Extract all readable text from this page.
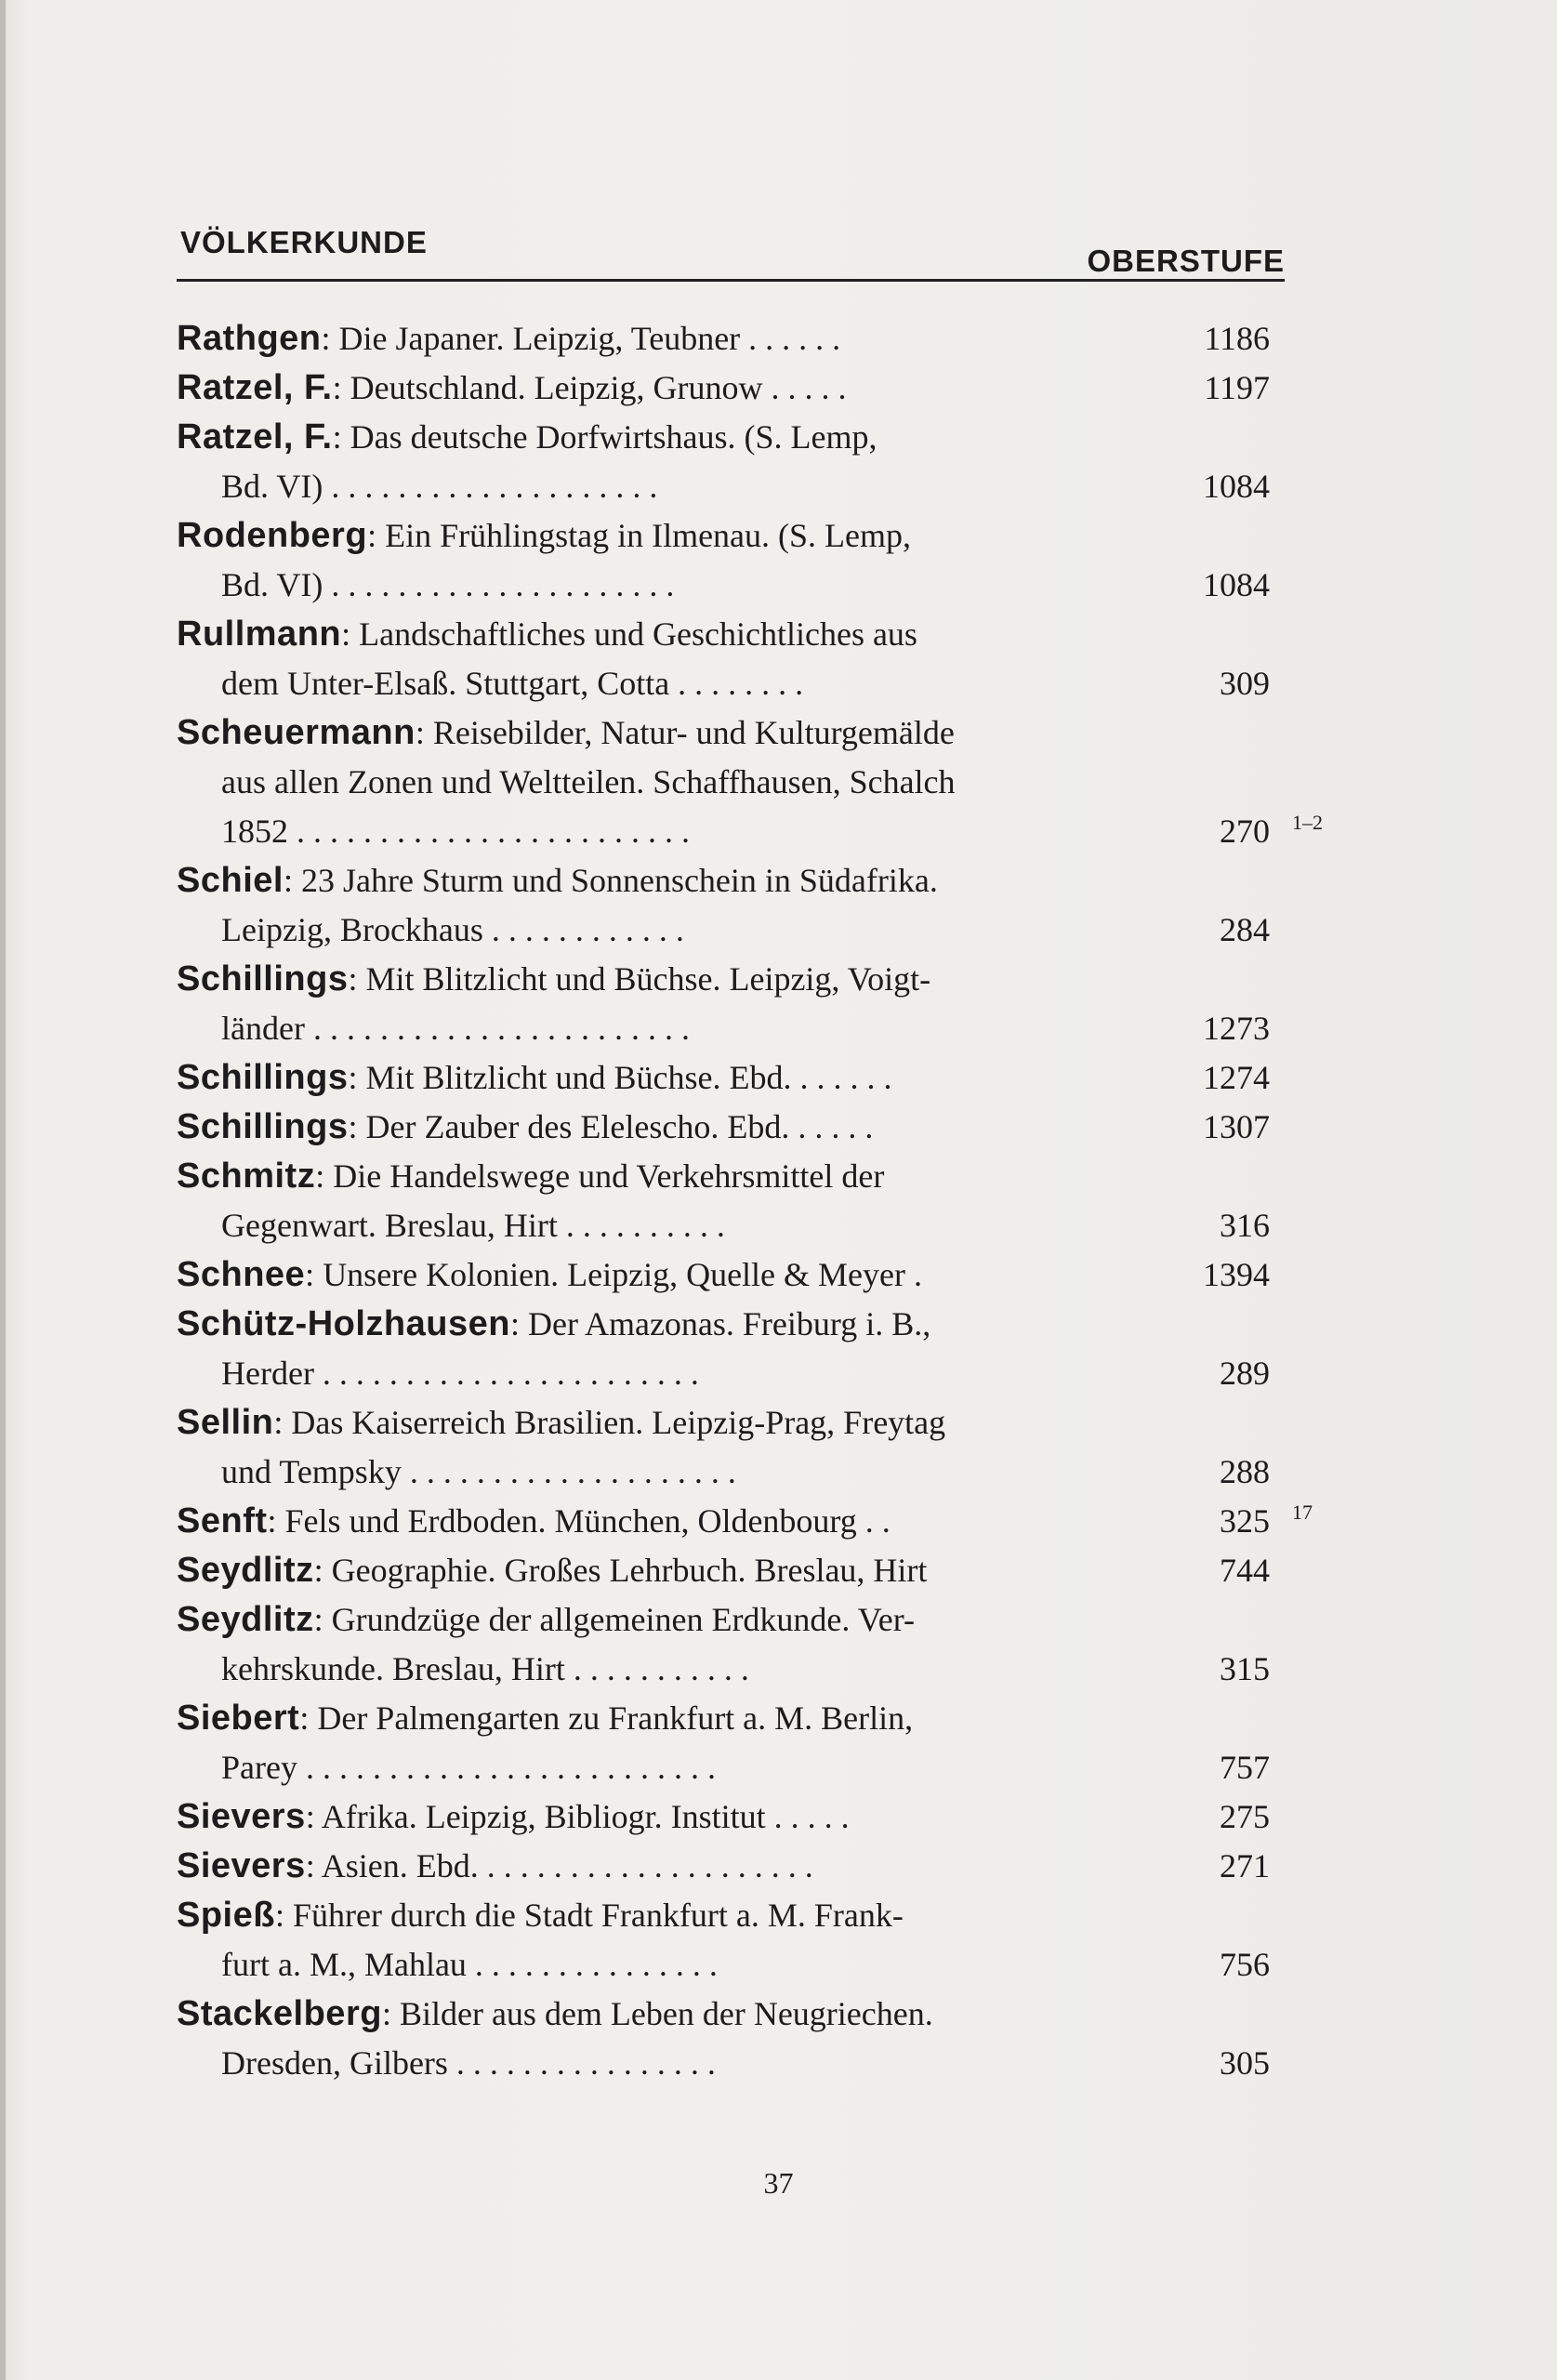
VÖLKERKUNDE
OBERSTUFE
Rathgen: Die Japaner. Leipzig, Teubner . . . . . .	1186
Ratzel, F.: Deutschland. Leipzig, Grunow . . . . .	1197
Ratzel, F.: Das deutsche Dorfwirtshaus. (S. Lemp,
Bd. VI) . . . . . . . . . . . . . . . . . . . .	1084
Rodenberg: Ein Frühlingstag in Ilmenau. (S. Lemp,
Bd. VI) . . . . . . . . . . . . . . . . . . . . .	1084
Rullmann: Landschaftliches und Geschichtliches aus
dem Unter-Elsaß. Stuttgart, Cotta . . . . . . . .	309
Scheuermann: Reisebilder, Natur- und Kulturgemälde
aus allen Zonen und Weltteilen. Schaffhausen, Schalch
1852 . . . . . . . . . . . . . . . . . . . . . . . .	270 1–2
Schiel: 23 Jahre Sturm und Sonnenschein in Südafrika.
Leipzig, Brockhaus . . . . . . . . . . . .	284
Schillings: Mit Blitzlicht und Büchse. Leipzig, Voigt-
länder . . . . . . . . . . . . . . . . . . . . . . .	1273
Schillings: Mit Blitzlicht und Büchse. Ebd. . . . . . .	1274
Schillings: Der Zauber des Elelescho. Ebd. . . . . .	1307
Schmitz: Die Handelswege und Verkehrsmittel der
Gegenwart. Breslau, Hirt . . . . . . . . . .	316
Schnee: Unsere Kolonien. Leipzig, Quelle & Meyer .	1394
Schütz-Holzhausen: Der Amazonas. Freiburg i. B.,
Herder . . . . . . . . . . . . . . . . . . . . . . .	289
Sellin: Das Kaiserreich Brasilien. Leipzig-Prag, Freytag
und Tempsky . . . . . . . . . . . . . . . . . . . .	288
Senft: Fels und Erdboden. München, Oldenbourg . .	325 17
Seydlitz: Geographie. Großes Lehrbuch. Breslau, Hirt	744
Seydlitz: Grundzüge der allgemeinen Erdkunde. Ver-
kehrskunde. Breslau, Hirt . . . . . . . . . . .	315
Siebert: Der Palmengarten zu Frankfurt a. M. Berlin,
Parey . . . . . . . . . . . . . . . . . . . . . . . . .	757
Sievers: Afrika. Leipzig, Bibliogr. Institut . . . . .	275
Sievers: Asien. Ebd. . . . . . . . . . . . . . . . . . . . .	271
Spieß: Führer durch die Stadt Frankfurt a. M. Frank-
furt a. M., Mahlau . . . . . . . . . . . . . . .	756
Stackelberg: Bilder aus dem Leben der Neugriechen.
Dresden, Gilbers . . . . . . . . . . . . . . . .	305
37
